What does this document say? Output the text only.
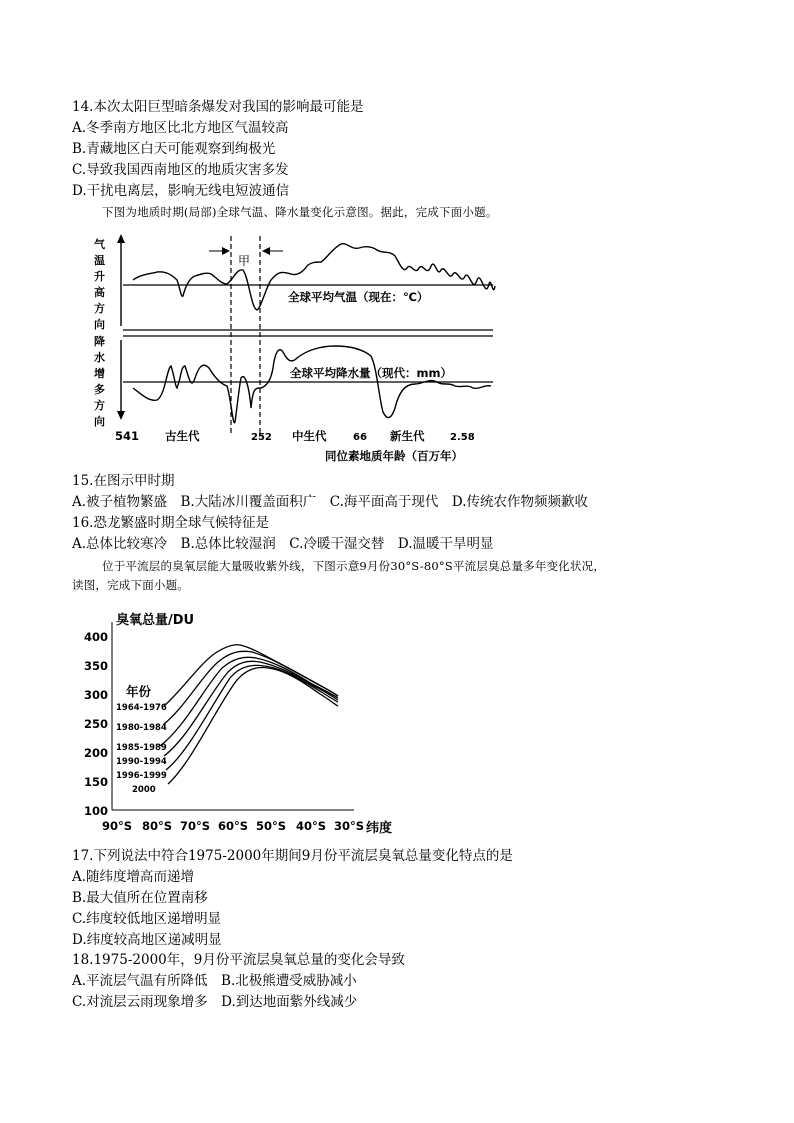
14.本次太阳巨型暗条爆发对我国的影响最可能是
A.冬季南方地区比北方地区气温较高
B.青藏地区白天可能观察到绚极光
C.导致我国西南地区的地质灾害多发
D.干扰电离层，影响无线电短波通信
下图为地质时期(局部)全球气温、降水量变化示意图。据此，完成下面小题。
气
温
升
高
方
向
降
水
增
多
方
向
甲
全球平均气温（现在：℃）
全球平均降水量（现代：mm）
541 古生代	252 中生代	66 新生代	2.58
同位素地质年龄（百万年）
15.在图示甲时期
A.被子植物繁盛　B.大陆冰川覆盖面积广　C.海平面高于现代　D.传统农作物频频歉收
16.恐龙繁盛时期全球气候特征是
A.总体比较寒冷　B.总体比较湿润　C.冷暖干湿交替　D.温暖干旱明显
位于平流层的臭氧层能大量吸收紫外线，下图示意9月份30°S-80°S平流层臭总量多年变化状况，
读图，完成下面小题。
臭氧总量/DU
400
350
300
250
200
150
100
90°S 80°S 70°S 60°S 50°S 40°S 30°S 纬度
年份
1964-1976
1980-1984
1985-1989
1990-1994
1996-1999
2000
17.下列说法中符合1975-2000年期间9月份平流层臭氧总量变化特点的是
A.随纬度增高而递增
B.最大值所在位置南移
C.纬度较低地区递增明显
D.纬度较高地区递减明显
18.1975-2000年，9月份平流层臭氧总量的变化会导致
A.平流层气温有所降低　B.北极熊遭受威胁减小
C.对流层云雨现象增多　D.到达地面紫外线减少
